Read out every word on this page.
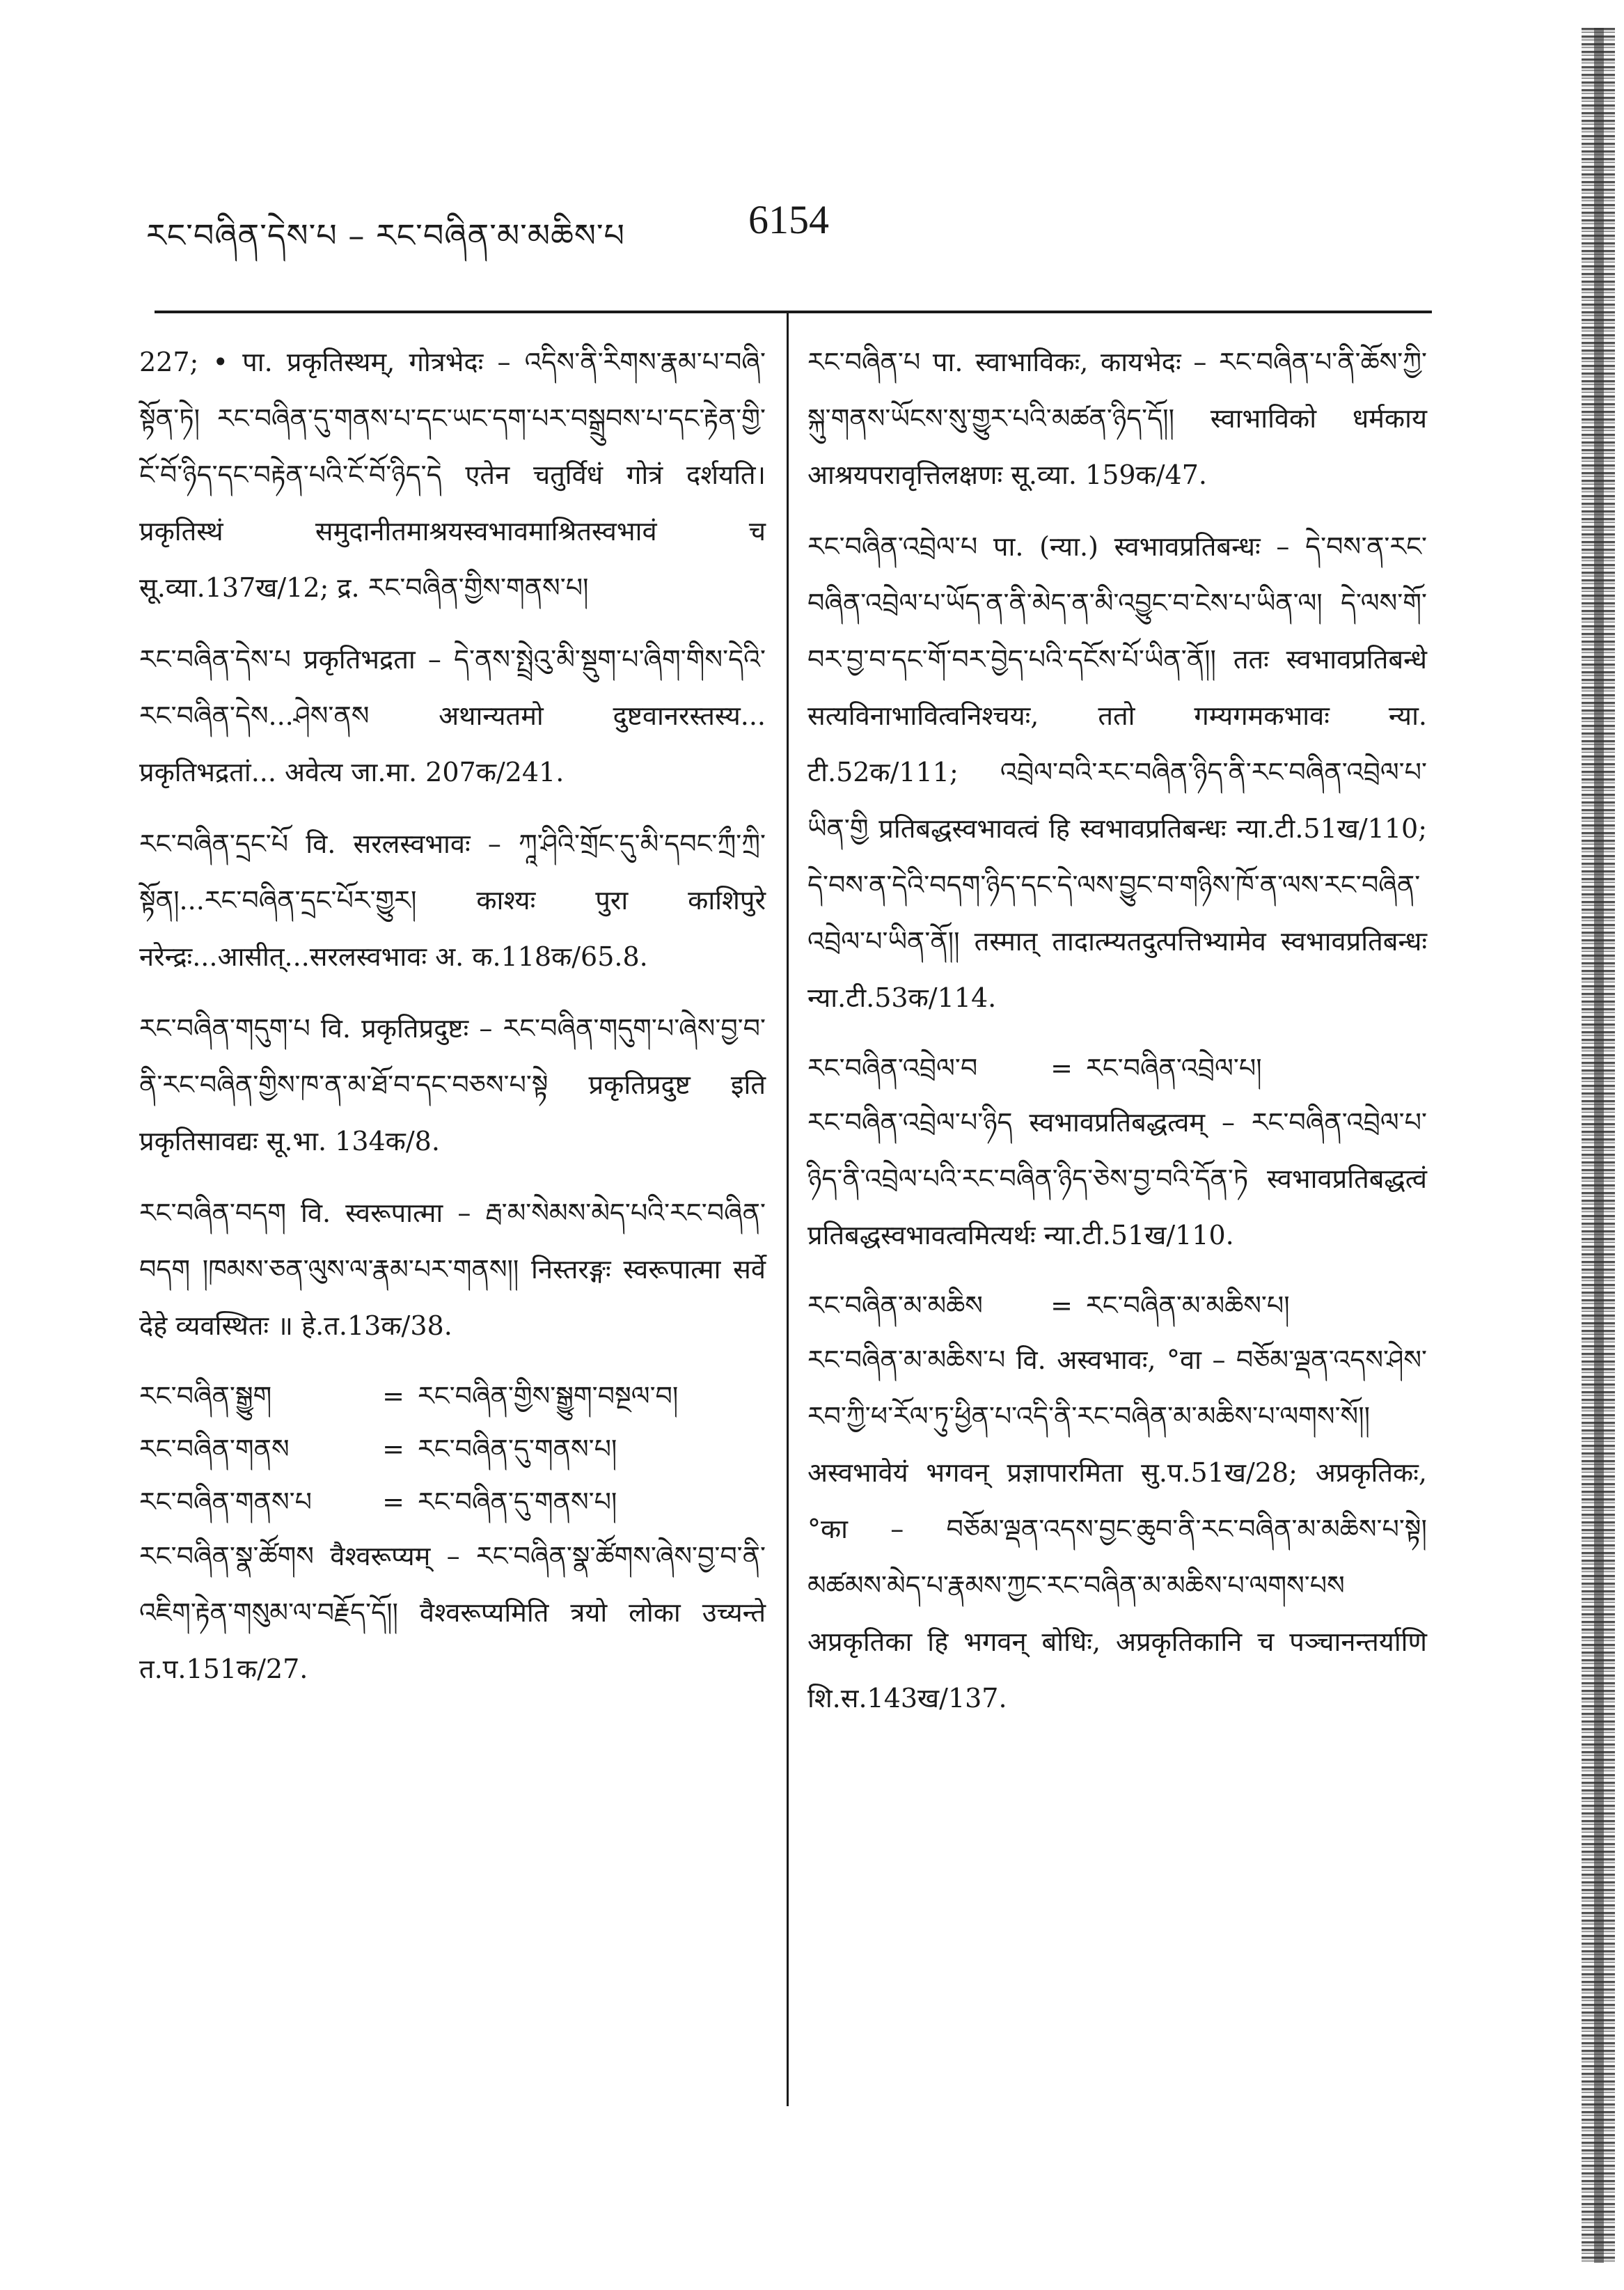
རང་བཞིན་དེས་པ – རང་བཞིན་མ་མཆིས་པ	6154
227; • पा. प्रकृतिस्थम्, गोत्रभेदः – འདིས་ནི་རིགས་རྣམ་པ་བཞི་སྟོན་ཏེ། རང་བཞིན་དུ་གནས་པ་དང་ཡང་དག་པར་བསྒྲུབས་པ་དང་རྟེན་གྱི་ངོ་བོ་ཉིད་དང་བརྟེན་པའི་ངོ་བོ་ཉིད་དེ एतेन चतुर्विधं गोत्रं दर्शयति। प्रकृतिस्थं समुदानीतमाश्रयस्वभावमाश्रितस्वभावं च सू.व्या.137ख/12; द्र. རང་བཞིན་གྱིས་གནས་པ།
རང་བཞིན་དེས་པ प्रकृतिभद्रता – དེ་ནས་སྤྲེའུ་མི་སྡུག་པ་ཞིག་གིས་དེའི་རང་བཞིན་དེས...ཤེས་ནས अथान्यतमो दुष्टवानरस्तस्य... प्रकृतिभद्रतां... अवेत्य जा.मा. 207क/241.
རང་བཞིན་དྲང་པོ वि. सरलस्वभावः – ཀཱ་ཤིའི་གྲོང་དུ་མི་དབང་ཀྲྀ་ཀྲི་སྟོན།...རང་བཞིན་དྲང་པོར་གྱུར། काश्यः पुरा काशिपुरे नरेन्द्रः...आसीत्...सरलस्वभावः अ. क.118क/65.8.
རང་བཞིན་གདུག་པ वि. प्रकृतिप्रदुष्टः – རང་བཞིན་གདུག་པ་ཞེས་བྱ་བ་ནི་རང་བཞིན་གྱིས་ཁ་ན་མ་ཐོ་བ་དང་བཅས་པ་སྟེ प्रकृतिप्रदुष्ट इति प्रकृतिसावद्यः सू.भा. 134क/8.
རང་བཞིན་བདག वि. स्वरूपात्मा – རྦ་མ་སེམས་མེད་པའི་རང་བཞིན་བདག །ཁམས་ཅན་ལུས་ལ་རྣམ་པར་གནས།། निस्तरङ्गः स्वरूपात्मा सर्वे देहे व्यवस्थितः ॥ हे.त.13क/38.
རང་བཞིན་སྒྱུག	= རང་བཞིན་གྱིས་སྒྱུག་བསྔལ་བ།
རང་བཞིན་གནས	= རང་བཞིན་དུ་གནས་པ།
རང་བཞིན་གནས་པ	= རང་བཞིན་དུ་གནས་པ།
རང་བཞིན་སྣ་ཚོགས वैश्वरूप्यम् – རང་བཞིན་སྣ་ཚོགས་ཞེས་བྱ་བ་ནི་འཇིག་རྟེན་གསུམ་ལ་བརྗོད་དོ།། वैश्वरूप्यमिति त्रयो लोका उच्यन्ते त.प.151क/27.
རང་བཞིན་པ पा. स्वाभाविकः, कायभेदः – རང་བཞིན་པ་ནི་ཆོས་ཀྱི་སྐུ་གནས་ཡོངས་སུ་གྱུར་པའི་མཚན་ཉིད་དོ།། स्वाभाविको धर्मकाय आश्रयपरावृत्तिलक्षणः सू.व्या. 159क/47.
རང་བཞིན་འབྲེལ་པ पा. (न्या.) स्वभावप्रतिबन्धः – དེ་བས་ན་རང་བཞིན་འབྲེལ་པ་ཡོད་ན་ནི་མེད་ན་མི་འབྱུང་བ་ངེས་པ་ཡིན་ལ། དེ་ལས་གོ་བར་བྱ་བ་དང་གོ་བར་བྱེད་པའི་དངོས་པོ་ཡིན་ནོ།། ततः स्वभावप्रतिबन्धे सत्यविनाभावित्वनिश्चयः, ततो गम्यगमकभावः न्या. टी.52क/111; འབྲེལ་བའི་རང་བཞིན་ཉིད་ནི་རང་བཞིན་འབྲེལ་པ་ཡིན་གྱི प्रतिबद्धस्वभावत्वं हि स्वभावप्रतिबन्धः न्या.टी.51ख/110; དེ་བས་ན་དེའི་བདག་ཉིད་དང་དེ་ལས་བྱུང་བ་གཉིས་ཁོ་ན་ལས་རང་བཞིན་འབྲེལ་པ་ཡིན་ནོ།། तस्मात् तादात्म्यतदुत्पत्तिभ्यामेव स्वभावप्रतिबन्धः न्या.टी.53क/114.
རང་བཞིན་འབྲེལ་བ	= རང་བཞིན་འབྲེལ་པ།
རང་བཞིན་འབྲེལ་པ་ཉིད स्वभावप्रतिबद्धत्वम् – རང་བཞིན་འབྲེལ་པ་ཉིད་ནི་འབྲེལ་པའི་རང་བཞིན་ཉིད་ཅེས་བྱ་བའི་དོན་ཏེ स्वभावप्रतिबद्धत्वं प्रतिबद्धस्वभावत्वमित्यर्थः न्या.टी.51ख/110.
རང་བཞིན་མ་མཆིས	= རང་བཞིན་མ་མཆིས་པ།
རང་བཞིན་མ་མཆིས་པ वि. अस्वभावः, °वा – བཅོམ་ལྡན་འདས་ཤེས་རབ་ཀྱི་ཕ་རོལ་ཏུ་ཕྱིན་པ་འདི་ནི་རང་བཞིན་མ་མཆིས་པ་ལགས་སོ།། अस्वभावेयं भगवन् प्रज्ञापारमिता सु.प.51ख/28; अप्रकृतिकः, °का – བཅོམ་ལྡན་འདས་བྱང་ཆུབ་ནི་རང་བཞིན་མ་མཆིས་པ་སྟེ། མཚམས་མེད་པ་རྣམས་ཀྱང་རང་བཞིན་མ་མཆིས་པ་ལགས་པས अप्रकृतिका हि भगवन् बोधिः, अप्रकृतिकानि च पञ्चानन्तर्याणि शि.स.143ख/137.
